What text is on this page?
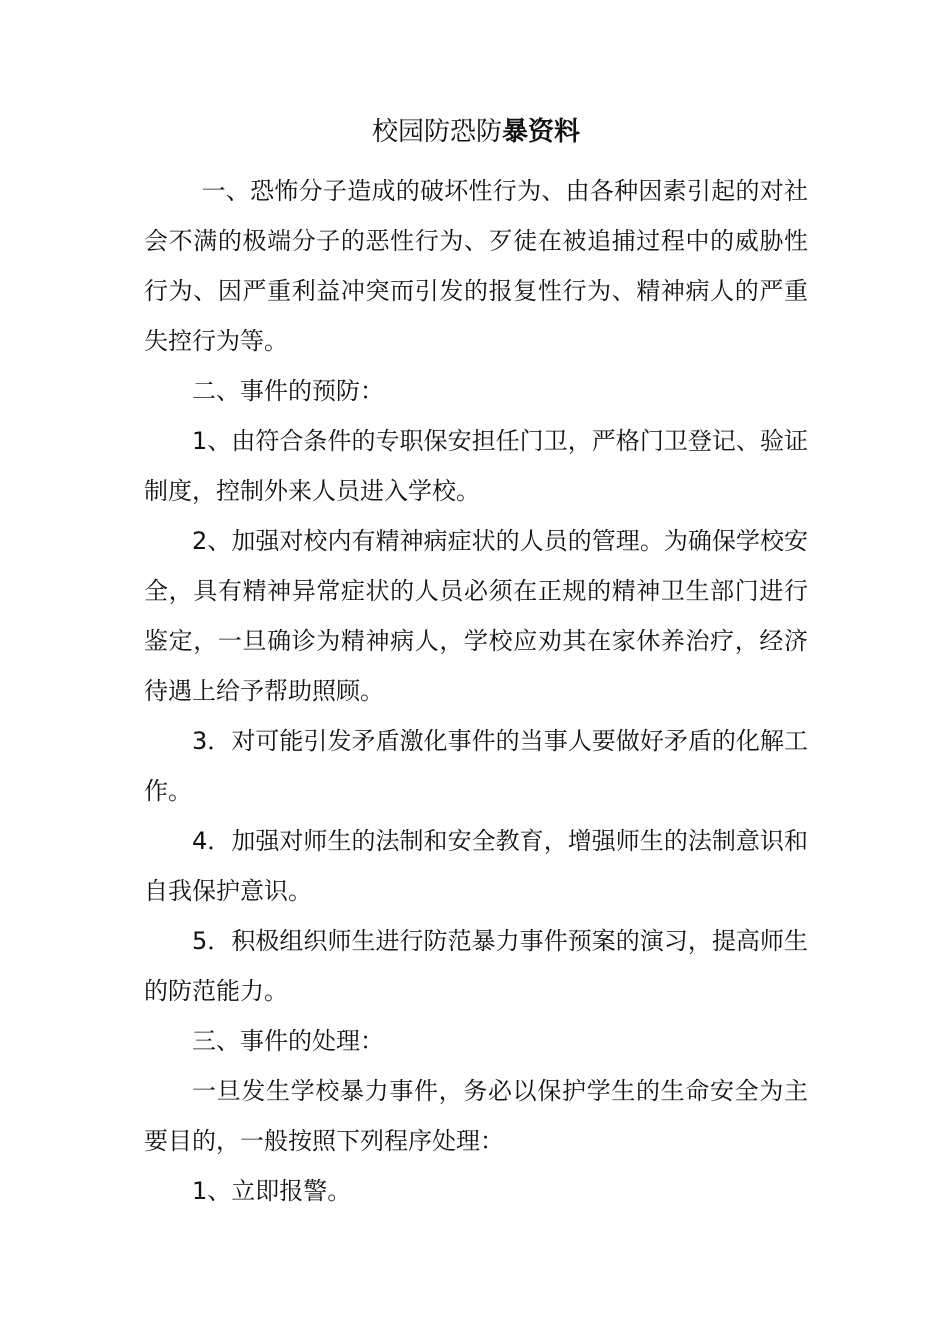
校园防恐防暴资料

一、恐怖分子造成的破坏性行为、由各种因素引起的对社会不满的极端分子的恶性行为、歹徒在被追捕过程中的威胁性行为、因严重利益冲突而引发的报复性行为、精神病人的严重失控行为等。

二、事件的预防：

1、由符合条件的专职保安担任门卫，严格门卫登记、验证制度，控制外来人员进入学校。

2、加强对校内有精神病症状的人员的管理。为确保学校安全，具有精神异常症状的人员必须在正规的精神卫生部门进行鉴定，一旦确诊为精神病人，学校应劝其在家休养治疗，经济待遇上给予帮助照顾。

3．对可能引发矛盾激化事件的当事人要做好矛盾的化解工作。

4．加强对师生的法制和安全教育，增强师生的法制意识和自我保护意识。

5．积极组织师生进行防范暴力事件预案的演习，提高师生的防范能力。

三、事件的处理：

一旦发生学校暴力事件，务必以保护学生的生命安全为主要目的，一般按照下列程序处理：

1、立即报警。
